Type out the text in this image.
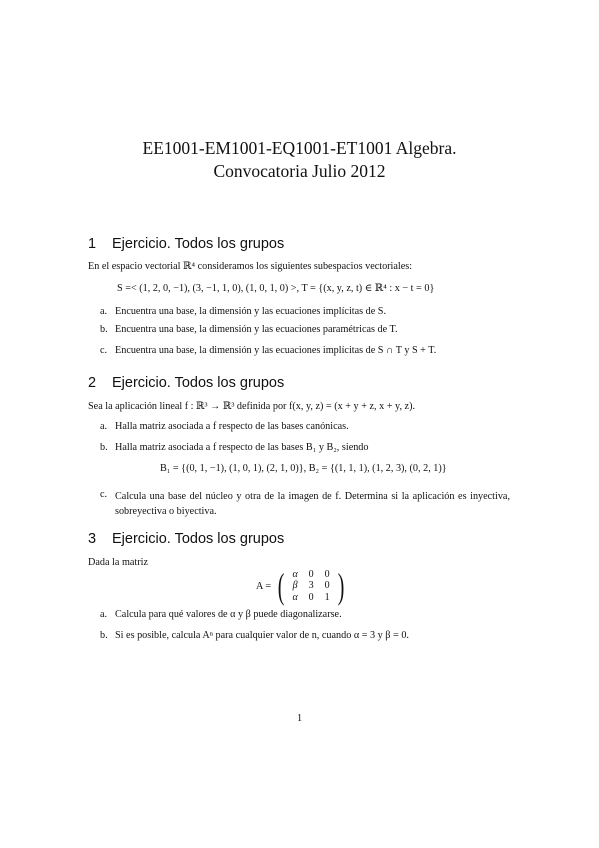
EE1001-EM1001-EQ1001-ET1001 Algebra.
Convocatoria Julio 2012
1 Ejercicio. Todos los grupos
En el espacio vectorial ℝ⁴ consideramos los siguientes subespacios vectoriales:
S =< (1, 2, 0, −1), (3, −1, 1, 0), (1, 0, 1, 0) >, T = {(x, y, z, t) ∈ ℝ⁴ : x − t = 0}
a. Encuentra una base, la dimensión y las ecuaciones implícitas de S.
b. Encuentra una base, la dimensión y las ecuaciones paramétricas de T.
c. Encuentra una base, la dimensión y las ecuaciones implícitas de S ∩ T y S + T.
2 Ejercicio. Todos los grupos
Sea la aplicación lineal f : ℝ³ → ℝ³ definida por f(x, y, z) = (x + y + z, x + y, z).
a. Halla matriz asociada a f respecto de las bases canónicas.
b. Halla matriz asociada a f respecto de las bases B₁ y B₂, siendo
B₁ = {(0, 1, −1), (1, 0, 1), (2, 1, 0)}, B₂ = {(1, 1, 1), (1, 2, 3), (0, 2, 1)}
c. Calcula una base del núcleo y otra de la imagen de f. Determina si la aplicación es inyectiva, sobreyectiva o biyectiva.
3 Ejercicio. Todos los grupos
Dada la matriz
A = ( α	0	0
β	3	0
α	0	1 )
a. Calcula para qué valores de α y β puede diagonalizarse.
b. Si es posible, calcula Aⁿ para cualquier valor de n, cuando α = 3 y β = 0.
1
